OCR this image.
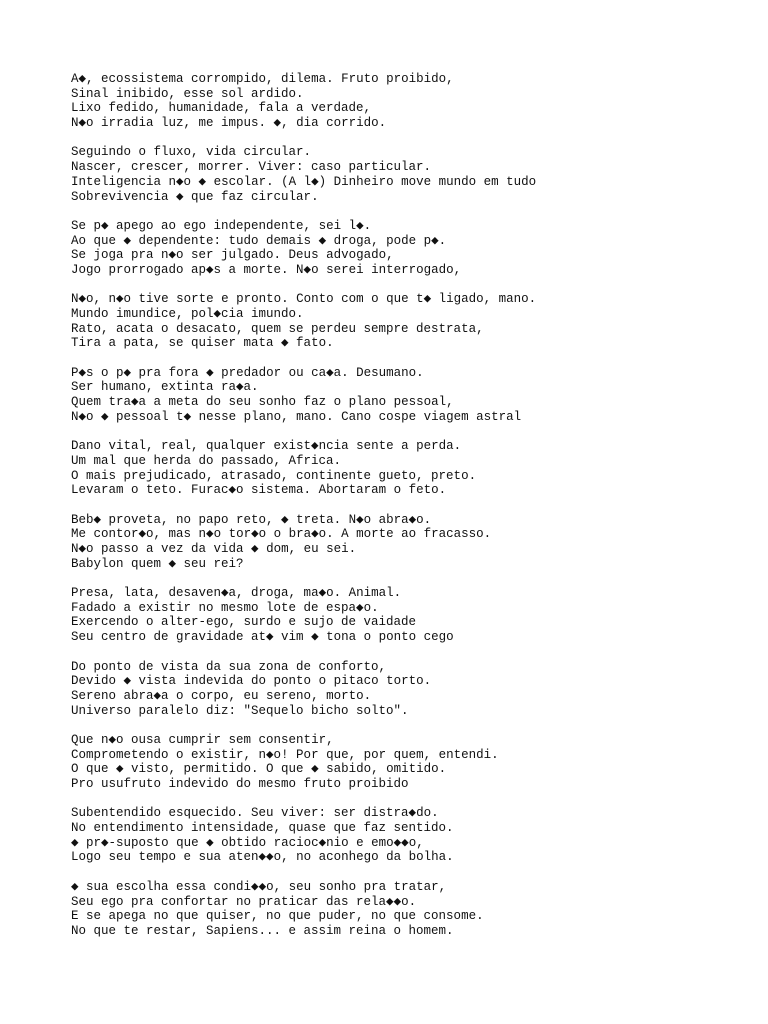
A◆, ecossistema corrompido, dilema. Fruto proibido,
Sinal inibido, esse sol ardido.
Lixo fedido, humanidade, fala a verdade,
N◆o irradia luz, me impus. ◆, dia corrido.
Seguindo o fluxo, vida circular.
Nascer, crescer, morrer. Viver: caso particular.
Inteligencia n◆o ◆ escolar. (A l◆) Dinheiro move mundo em tudo
Sobrevivencia ◆ que faz circular.
Se p◆ apego ao ego independente, sei l◆.
Ao que ◆ dependente: tudo demais ◆ droga, pode p◆.
Se joga pra n◆o ser julgado. Deus advogado,
Jogo prorrogado ap◆s a morte. N◆o serei interrogado,
N◆o, n◆o tive sorte e pronto. Conto com o que t◆ ligado, mano.
Mundo imundice, pol◆cia imundo.
Rato, acata o desacato, quem se perdeu sempre destrata,
Tira a pata, se quiser mata ◆ fato.
P◆s o p◆ pra fora ◆ predador ou ca◆a. Desumano.
Ser humano, extinta ra◆a.
Quem tra◆a a meta do seu sonho faz o plano pessoal,
N◆o ◆ pessoal t◆ nesse plano, mano. Cano cospe viagem astral
Dano vital, real, qualquer exist◆ncia sente a perda.
Um mal que herda do passado, Africa.
O mais prejudicado, atrasado, continente gueto, preto.
Levaram o teto. Furac◆o sistema. Abortaram o feto.
Beb◆ proveta, no papo reto, ◆ treta. N◆o abra◆o.
Me contor◆o, mas n◆o tor◆o o bra◆o. A morte ao fracasso.
N◆o passo a vez da vida ◆ dom, eu sei.
Babylon quem ◆ seu rei?
Presa, lata, desaven◆a, droga, ma◆o. Animal.
Fadado a existir no mesmo lote de espa◆o.
Exercendo o alter-ego, surdo e sujo de vaidade
Seu centro de gravidade at◆ vim ◆ tona o ponto cego
Do ponto de vista da sua zona de conforto,
Devido ◆ vista indevida do ponto o pitaco torto.
Sereno abra◆a o corpo, eu sereno, morto.
Universo paralelo diz: "Sequelo bicho solto".
Que n◆o ousa cumprir sem consentir,
Comprometendo o existir, n◆o! Por que, por quem, entendi.
O que ◆ visto, permitido. O que ◆ sabido, omitido.
Pro usufruto indevido do mesmo fruto proibido
Subentendido esquecido. Seu viver: ser distra◆do.
No entendimento intensidade, quase que faz sentido.
◆ pr◆-suposto que ◆ obtido racioc◆nio e emo◆◆o,
Logo seu tempo e sua aten◆◆o, no aconhego da bolha.
◆ sua escolha essa condi◆◆o, seu sonho pra tratar,
Seu ego pra confortar no praticar das rela◆◆o.
E se apega no que quiser, no que puder, no que consome.
No que te restar, Sapiens... e assim reina o homem.
